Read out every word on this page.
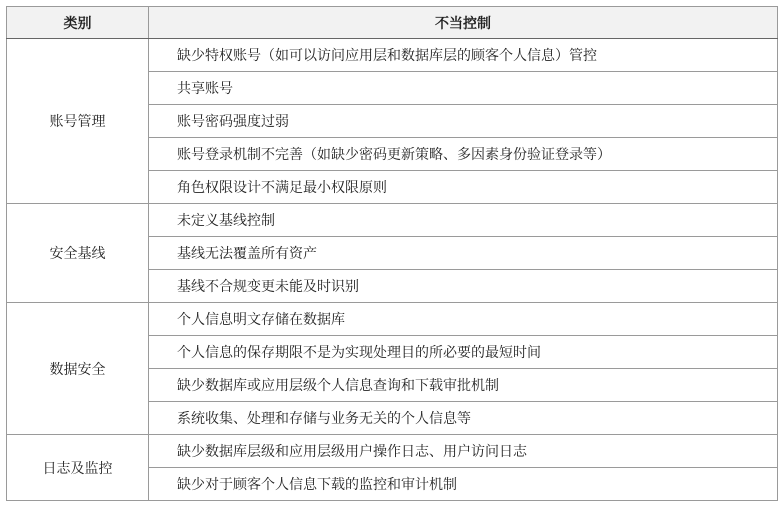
类别	不当控制
账号管理	缺少特权账号（如可以访问应用层和数据库层的顾客个人信息）管控
	共享账号
	账号密码强度过弱
	账号登录机制不完善（如缺少密码更新策略、多因素身份验证登录等）
	角色权限设计不满足最小权限原则
安全基线	未定义基线控制
	基线无法覆盖所有资产
	基线不合规变更未能及时识别
数据安全	个人信息明文存储在数据库
	个人信息的保存期限不是为实现处理目的所必要的最短时间
	缺少数据库或应用层级个人信息查询和下载审批机制
	系统收集、处理和存储与业务无关的个人信息等
日志及监控	缺少数据库层级和应用层级用户操作日志、用户访问日志
	缺少对于顾客个人信息下载的监控和审计机制
